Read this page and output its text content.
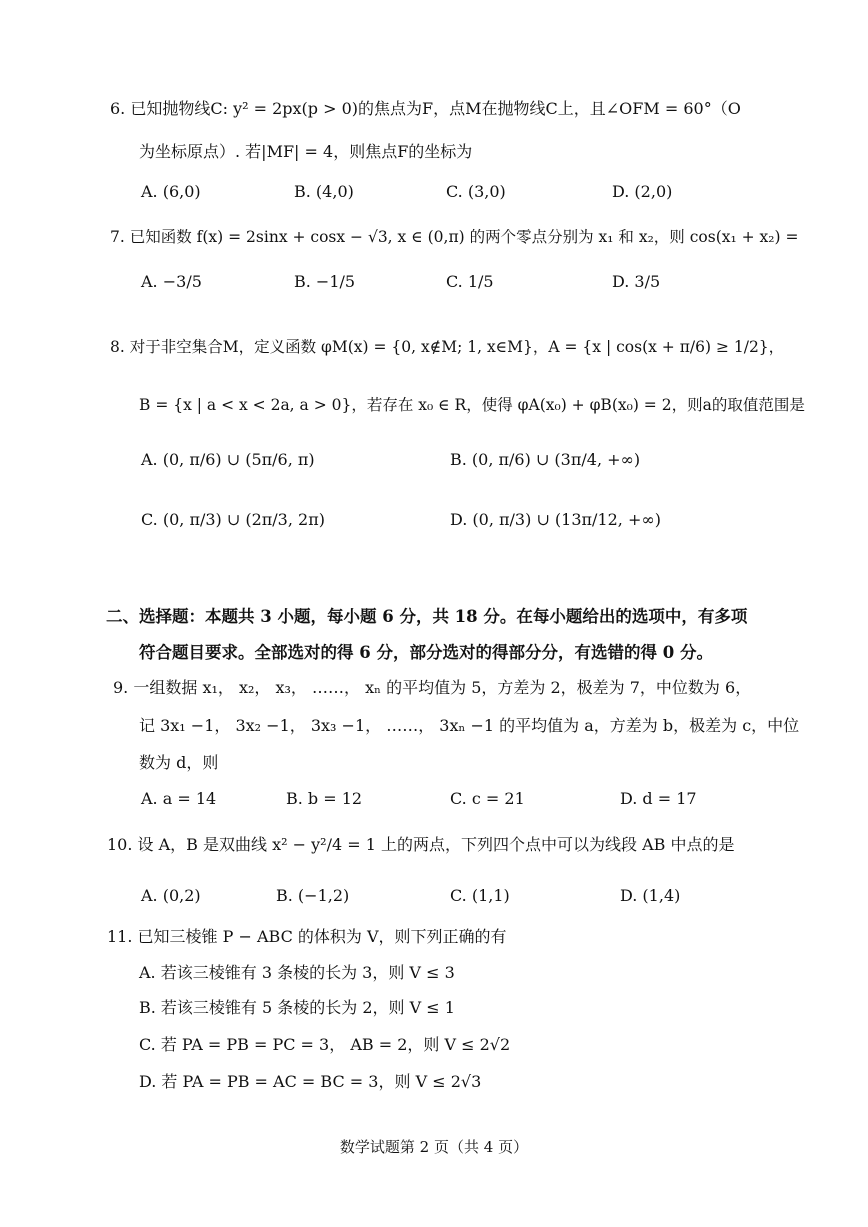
6. 已知抛物线C: y² = 2px(p > 0)的焦点为F，点M在抛物线C上，且∠OFM = 60°（O
为坐标原点）. 若|MF| = 4，则焦点F的坐标为
A. (6,0)	B. (4,0)	C. (3,0)	D. (2,0)
7. 已知函数 f(x) = 2sinx + cosx − √3, x ∈ (0,π) 的两个零点分别为 x₁ 和 x₂，则 cos(x₁ + x₂) =
A. −3/5	B. −1/5	C. 1/5	D. 3/5
8. 对于非空集合M，定义函数 φM(x) = {0, x∉M; 1, x∈M}，A = {x | cos(x + π/6) ≥ 1/2}，
B = {x | a < x < 2a, a > 0}，若存在 x₀ ∈ R，使得 φA(x₀) + φB(x₀) = 2，则a的取值范围是
A. (0, π/6) ∪ (5π/6, π)	B. (0, π/6) ∪ (3π/4, +∞)
C. (0, π/3) ∪ (2π/3, 2π)	D. (0, π/3) ∪ (13π/12, +∞)
二、选择题：本题共 3 小题，每小题 6 分，共 18 分。在每小题给出的选项中，有多项
符合题目要求。全部选对的得 6 分，部分选对的得部分分，有选错的得 0 分。
9. 一组数据 x₁， x₂， x₃， ……， xₙ 的平均值为 5，方差为 2，极差为 7，中位数为 6，
记 3x₁ −1， 3x₂ −1， 3x₃ −1， ……， 3xₙ −1 的平均值为 a，方差为 b，极差为 c，中位
数为 d，则
A. a = 14	B. b = 12	C. c = 21	D. d = 17
10. 设 A，B 是双曲线 x² − y²/4 = 1 上的两点，下列四个点中可以为线段 AB 中点的是
A. (0,2)	B. (−1,2)	C. (1,1)	D. (1,4)
11. 已知三棱锥 P − ABC 的体积为 V，则下列正确的有
A. 若该三棱锥有 3 条棱的长为 3，则 V ≤ 3
B. 若该三棱锥有 5 条棱的长为 2，则 V ≤ 1
C. 若 PA = PB = PC = 3， AB = 2，则 V ≤ 2√2
D. 若 PA = PB = AC = BC = 3，则 V ≤ 2√3
数学试题第 2 页（共 4 页）
